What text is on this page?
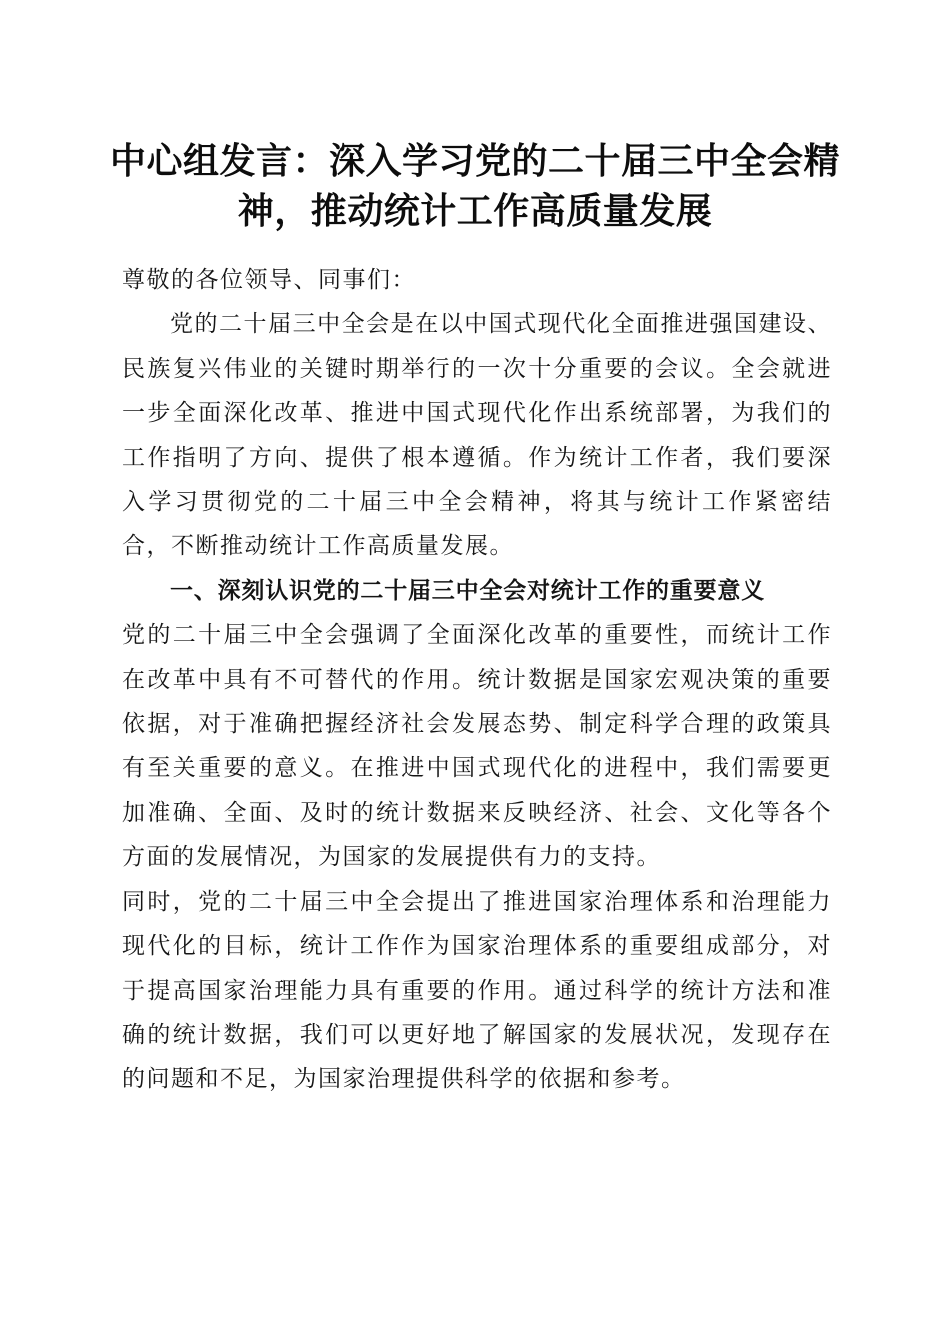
中心组发言：深入学习党的二十届三中全会精
神，推动统计工作高质量发展

尊敬的各位领导、同事们：

党的二十届三中全会是在以中国式现代化全面推进强国建设、民族复兴伟业的关键时期举行的一次十分重要的会议。全会就进一步全面深化改革、推进中国式现代化作出系统部署，为我们的工作指明了方向、提供了根本遵循。作为统计工作者，我们要深入学习贯彻党的二十届三中全会精神，将其与统计工作紧密结合，不断推动统计工作高质量发展。

一、深刻认识党的二十届三中全会对统计工作的重要意义

党的二十届三中全会强调了全面深化改革的重要性，而统计工作在改革中具有不可替代的作用。统计数据是国家宏观决策的重要依据，对于准确把握经济社会发展态势、制定科学合理的政策具有至关重要的意义。在推进中国式现代化的进程中，我们需要更加准确、全面、及时的统计数据来反映经济、社会、文化等各个方面的发展情况，为国家的发展提供有力的支持。

同时，党的二十届三中全会提出了推进国家治理体系和治理能力现代化的目标，统计工作作为国家治理体系的重要组成部分，对于提高国家治理能力具有重要的作用。通过科学的统计方法和准确的统计数据，我们可以更好地了解国家的发展状况，发现存在的问题和不足，为国家治理提供科学的依据和参考。
